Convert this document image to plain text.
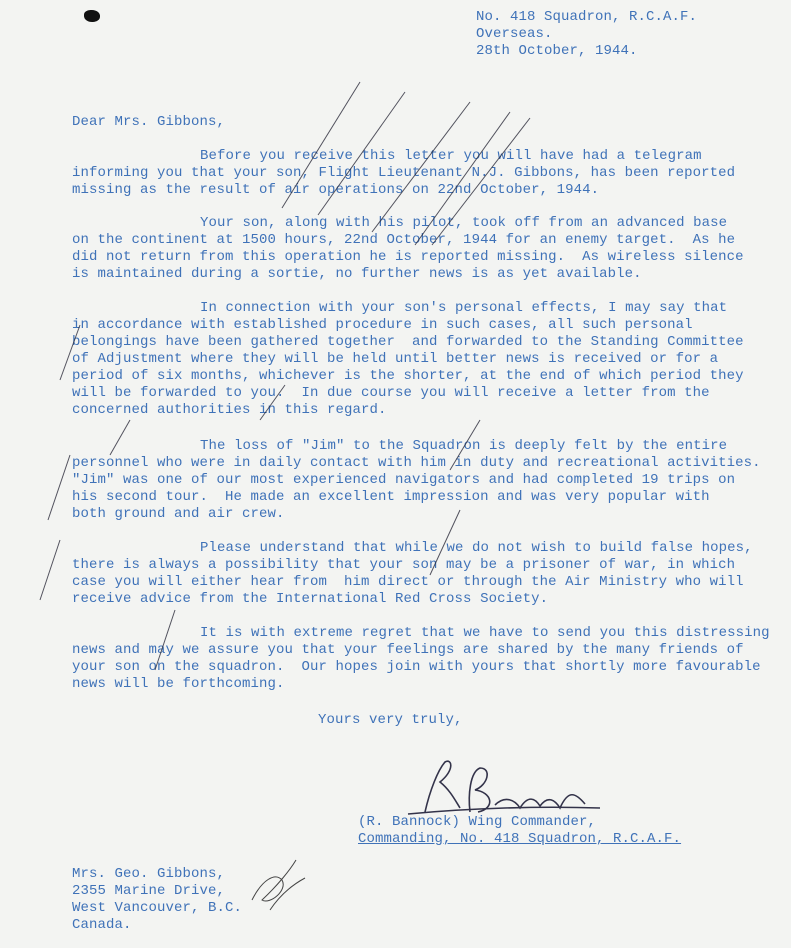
No. 418 Squadron, R.C.A.F.
Overseas.
28th October, 1944.
Dear Mrs. Gibbons,
Before you receive this letter you will have had a telegram
informing you that your son, Flight Lieutenant N.J. Gibbons, has been reported
missing as the result of air operations on 22nd October, 1944.
Your son, along with his pilot, took off from an advanced base
on the continent at 1500 hours, 22nd October, 1944 for an enemy target.  As he
did not return from this operation he is reported missing.  As wireless silence
is maintained during a sortie, no further news is as yet available.
In connection with your son's personal effects, I may say that
in accordance with established procedure in such cases, all such personal
belongings have been gathered together  and forwarded to the Standing Committee
of Adjustment where they will be held until better news is received or for a
period of six months, whichever is the shorter, at the end of which period they
will be forwarded to you.  In due course you will receive a letter from the
concerned authorities in this regard.
The loss of "Jim" to the Squadron is deeply felt by the entire
personnel who were in daily contact with him in duty and recreational activities.
"Jim" was one of our most experienced navigators and had completed 19 trips on
his second tour.  He made an excellent impression and was very popular with
both ground and air crew.
Please understand that while we do not wish to build false hopes,
there is always a possibility that your son may be a prisoner of war, in which
case you will either hear from  him direct or through the Air Ministry who will
receive advice from the International Red Cross Society.
It is with extreme regret that we have to send you this distressing
news and may we assure you that your feelings are shared by the many friends of
your son on the squadron.  Our hopes join with yours that shortly more favourable
news will be forthcoming.
Yours very truly,
(R. Bannock) Wing Commander,
Commanding, No. 418 Squadron, R.C.A.F.
Mrs. Geo. Gibbons,
2355 Marine Drive,
West Vancouver, B.C.
Canada.
